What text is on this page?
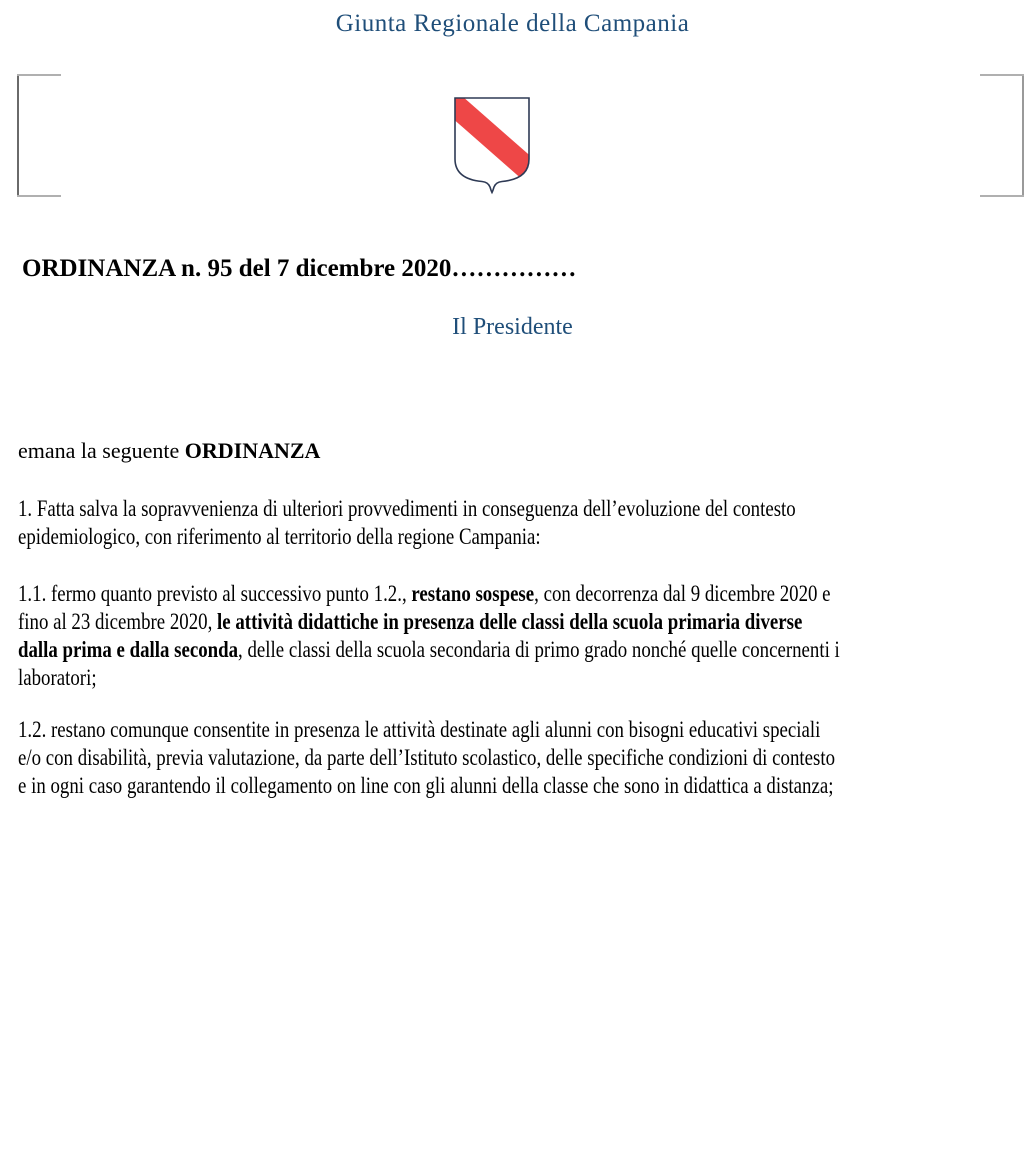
Giunta Regionale della Campania
ORDINANZA n. 95 del 7 dicembre 2020……………
Il Presidente
emana la seguente ORDINANZA
1. Fatta salva la sopravvenienza di ulteriori provvedimenti in conseguenza dell’evoluzione del contesto
epidemiologico, con riferimento al territorio della regione Campania:
1.1. fermo quanto previsto al successivo punto 1.2., restano sospese, con decorrenza dal 9 dicembre 2020 e
fino al 23 dicembre 2020, le attività didattiche in presenza delle classi della scuola primaria diverse
dalla prima e dalla seconda, delle classi della scuola secondaria di primo grado nonché quelle concernenti i
laboratori;
1.2. restano comunque consentite in presenza le attività destinate agli alunni con bisogni educativi speciali
e/o con disabilità, previa valutazione, da parte dell’Istituto scolastico, delle specifiche condizioni di contesto
e in ogni caso garantendo il collegamento on line con gli alunni della classe che sono in didattica a distanza;
